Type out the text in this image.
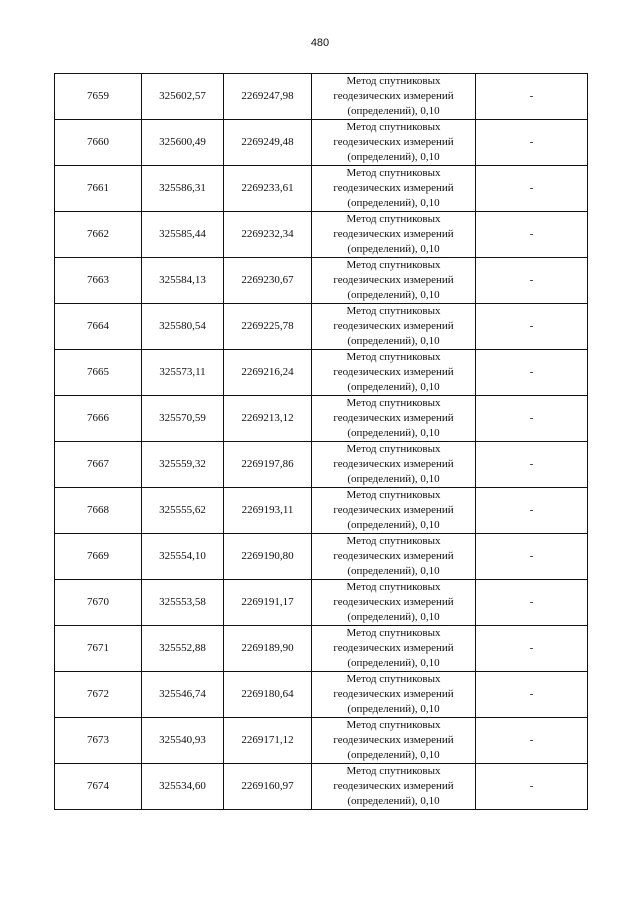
480
7659	325602,57	2269247,98	Метод спутниковых
геодезических измерений
(определений), 0,10	-
7660	325600,49	2269249,48	Метод спутниковых
геодезических измерений
(определений), 0,10	-
7661	325586,31	2269233,61	Метод спутниковых
геодезических измерений
(определений), 0,10	-
7662	325585,44	2269232,34	Метод спутниковых
геодезических измерений
(определений), 0,10	-
7663	325584,13	2269230,67	Метод спутниковых
геодезических измерений
(определений), 0,10	-
7664	325580,54	2269225,78	Метод спутниковых
геодезических измерений
(определений), 0,10	-
7665	325573,11	2269216,24	Метод спутниковых
геодезических измерений
(определений), 0,10	-
7666	325570,59	2269213,12	Метод спутниковых
геодезических измерений
(определений), 0,10	-
7667	325559,32	2269197,86	Метод спутниковых
геодезических измерений
(определений), 0,10	-
7668	325555,62	2269193,11	Метод спутниковых
геодезических измерений
(определений), 0,10	-
7669	325554,10	2269190,80	Метод спутниковых
геодезических измерений
(определений), 0,10	-
7670	325553,58	2269191,17	Метод спутниковых
геодезических измерений
(определений), 0,10	-
7671	325552,88	2269189,90	Метод спутниковых
геодезических измерений
(определений), 0,10	-
7672	325546,74	2269180,64	Метод спутниковых
геодезических измерений
(определений), 0,10	-
7673	325540,93	2269171,12	Метод спутниковых
геодезических измерений
(определений), 0,10	-
7674	325534,60	2269160,97	Метод спутниковых
геодезических измерений
(определений), 0,10	-
